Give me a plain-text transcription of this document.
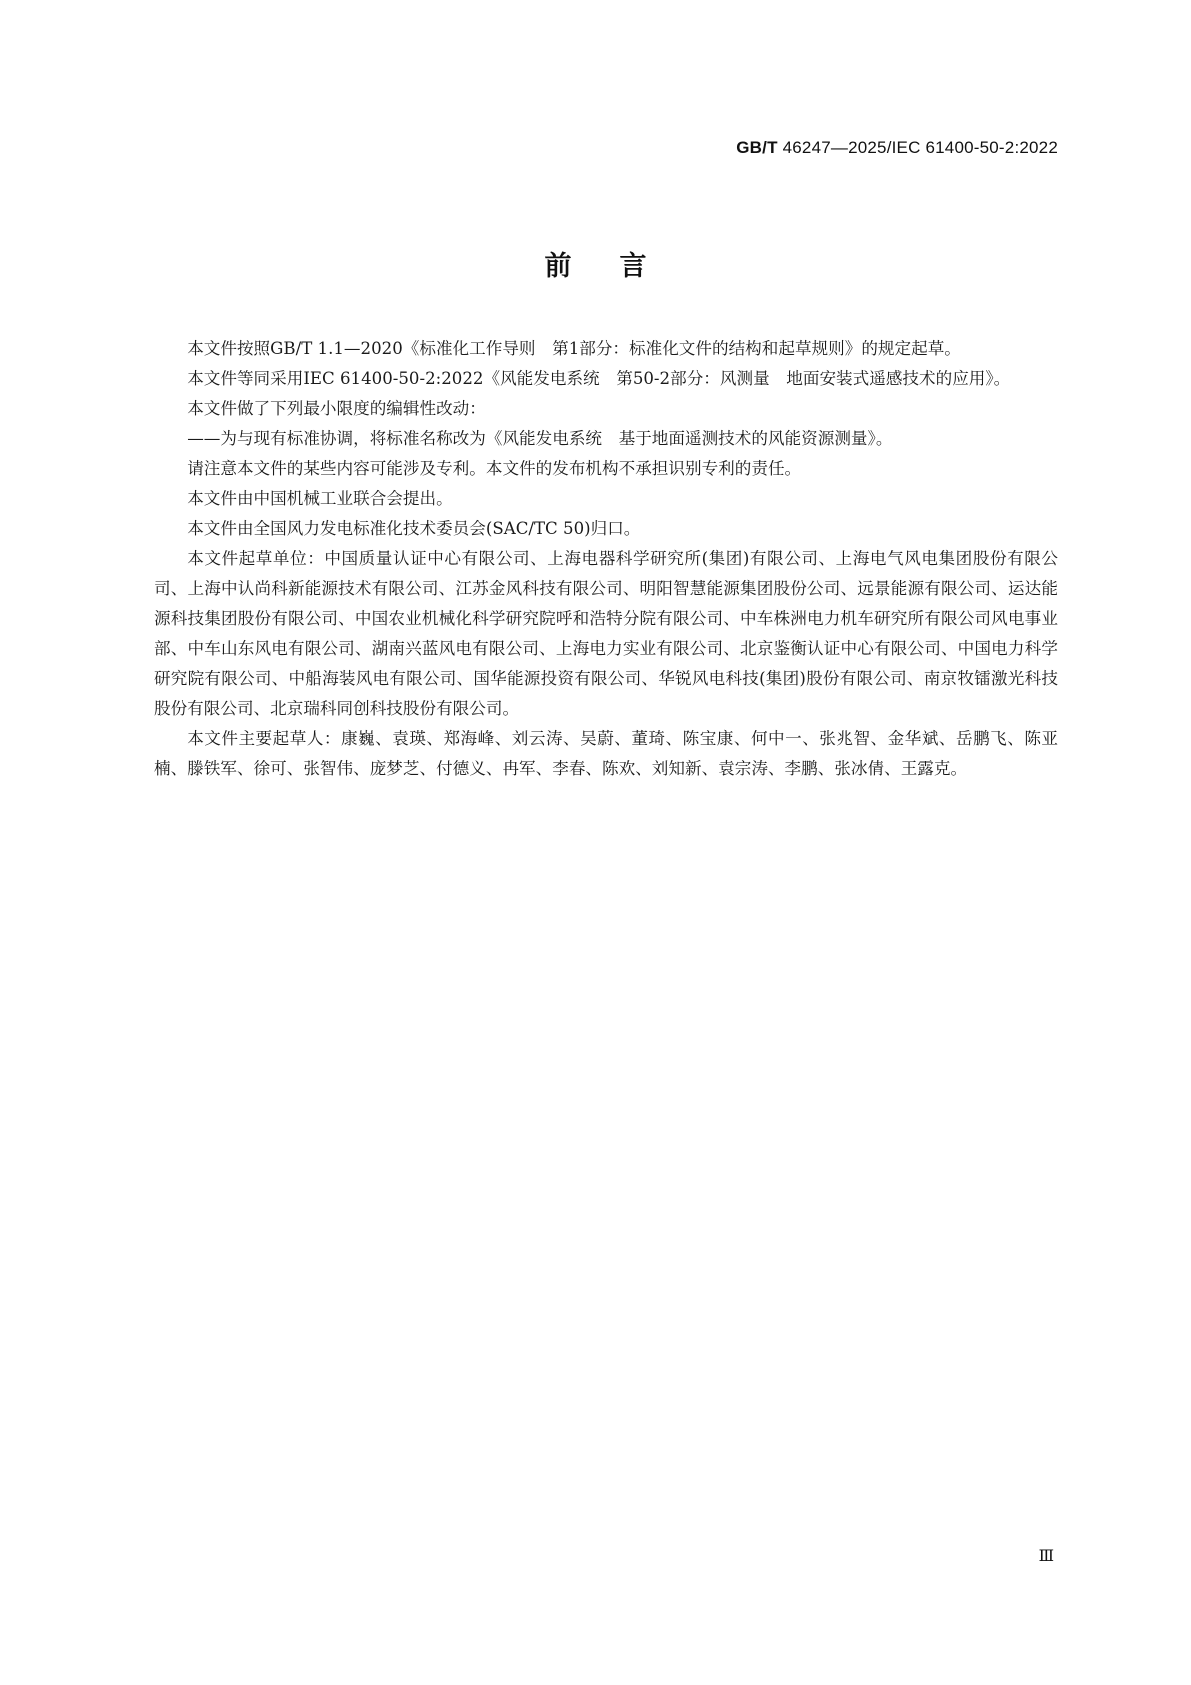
GB/T 46247—2025/IEC 61400-50-2:2022
前言

本文件按照GB/T 1.1—2020《标准化工作导则　第1部分：标准化文件的结构和起草规则》的规定起草。

本文件等同采用IEC 61400-50-2:2022《风能发电系统　第50-2部分：风测量　地面安装式遥感技术的应用》。

本文件做了下列最小限度的编辑性改动：

——为与现有标准协调，将标准名称改为《风能发电系统　基于地面遥测技术的风能资源测量》。

请注意本文件的某些内容可能涉及专利。本文件的发布机构不承担识别专利的责任。

本文件由中国机械工业联合会提出。

本文件由全国风力发电标准化技术委员会(SAC/TC 50)归口。

本文件起草单位：中国质量认证中心有限公司、上海电器科学研究所(集团)有限公司、上海电气风电集团股份有限公司、上海中认尚科新能源技术有限公司、江苏金风科技有限公司、明阳智慧能源集团股份公司、远景能源有限公司、运达能源科技集团股份有限公司、中国农业机械化科学研究院呼和浩特分院有限公司、中车株洲电力机车研究所有限公司风电事业部、中车山东风电有限公司、湖南兴蓝风电有限公司、上海电力实业有限公司、北京鉴衡认证中心有限公司、中国电力科学研究院有限公司、中船海装风电有限公司、国华能源投资有限公司、华锐风电科技(集团)股份有限公司、南京牧镭激光科技股份有限公司、北京瑞科同创科技股份有限公司。

本文件主要起草人：康巍、袁瑛、郑海峰、刘云涛、吴蔚、董琦、陈宝康、何中一、张兆智、金华斌、岳鹏飞、陈亚楠、滕铁军、徐可、张智伟、庞梦芝、付德义、冉军、李春、陈欢、刘知新、袁宗涛、李鹏、张冰倩、王露克。

Ⅲ
